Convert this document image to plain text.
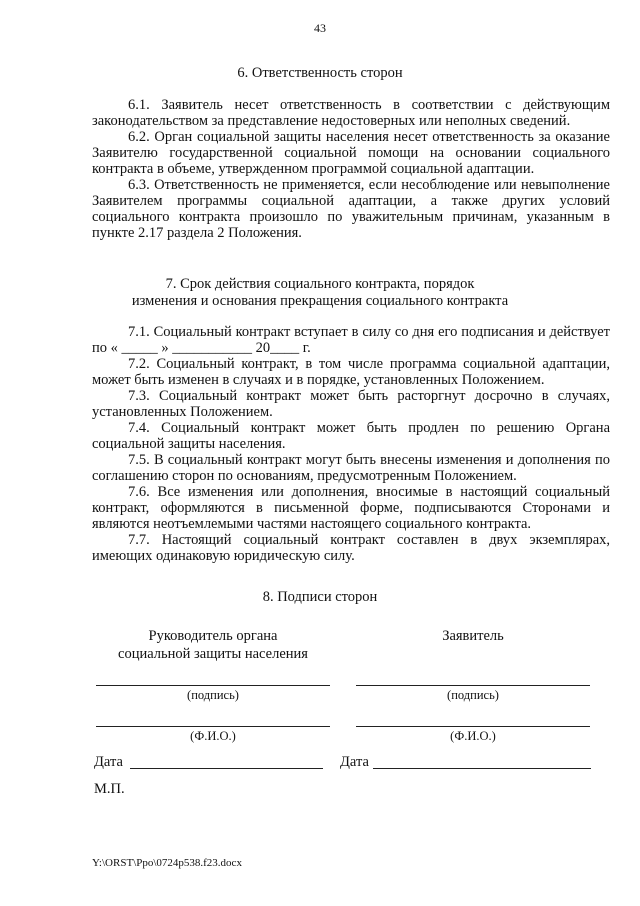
43
6. Ответственность сторон

6.1. Заявитель несет ответственность в соответствии с действующим законодательством за представление недостоверных или неполных сведений.

6.2. Орган социальной защиты населения несет ответственность за оказание Заявителю государственной социальной помощи на основании социального контракта в объеме, утвержденном программой социальной адаптации.

6.3. Ответственность не применяется, если несоблюдение или невыполнение Заявителем программы социальной адаптации, а также других условий социального контракта произошло по уважительным причинам, указанным в пункте 2.17 раздела 2 Положения.

7. Срок действия социального контракта, порядок
изменения и основания прекращения социального контракта

7.1. Социальный контракт вступает в силу со дня его подписания и действует по « _____ » ___________ 20____ г.

7.2. Социальный контракт, в том числе программа социальной адаптации, может быть изменен в случаях и в порядке, установленных Положением.

7.3. Социальный контракт может быть расторгнут досрочно в случаях, установленных Положением.

7.4. Социальный контракт может быть продлен по решению Органа социальной защиты населения.

7.5. В социальный контракт могут быть внесены изменения и дополнения по соглашению сторон по основаниям, предусмотренным Положением.

7.6. Все изменения или дополнения, вносимые в настоящий социальный контракт, оформляются в письменной форме, подписываются Сторонами и являются неотъемлемыми частями настоящего социального контракта.

7.7. Настоящий социальный контракт составлен в двух экземплярах, имеющих одинаковую юридическую силу.

8. Подписи сторон
Руководитель органа
социальной защиты населения
Заявитель
(подпись)	(подпись)
(Ф.И.О.)	(Ф.И.О.)
Дата	Дата
М.П.
Y:\ORST\Ppo\0724p538.f23.docx
